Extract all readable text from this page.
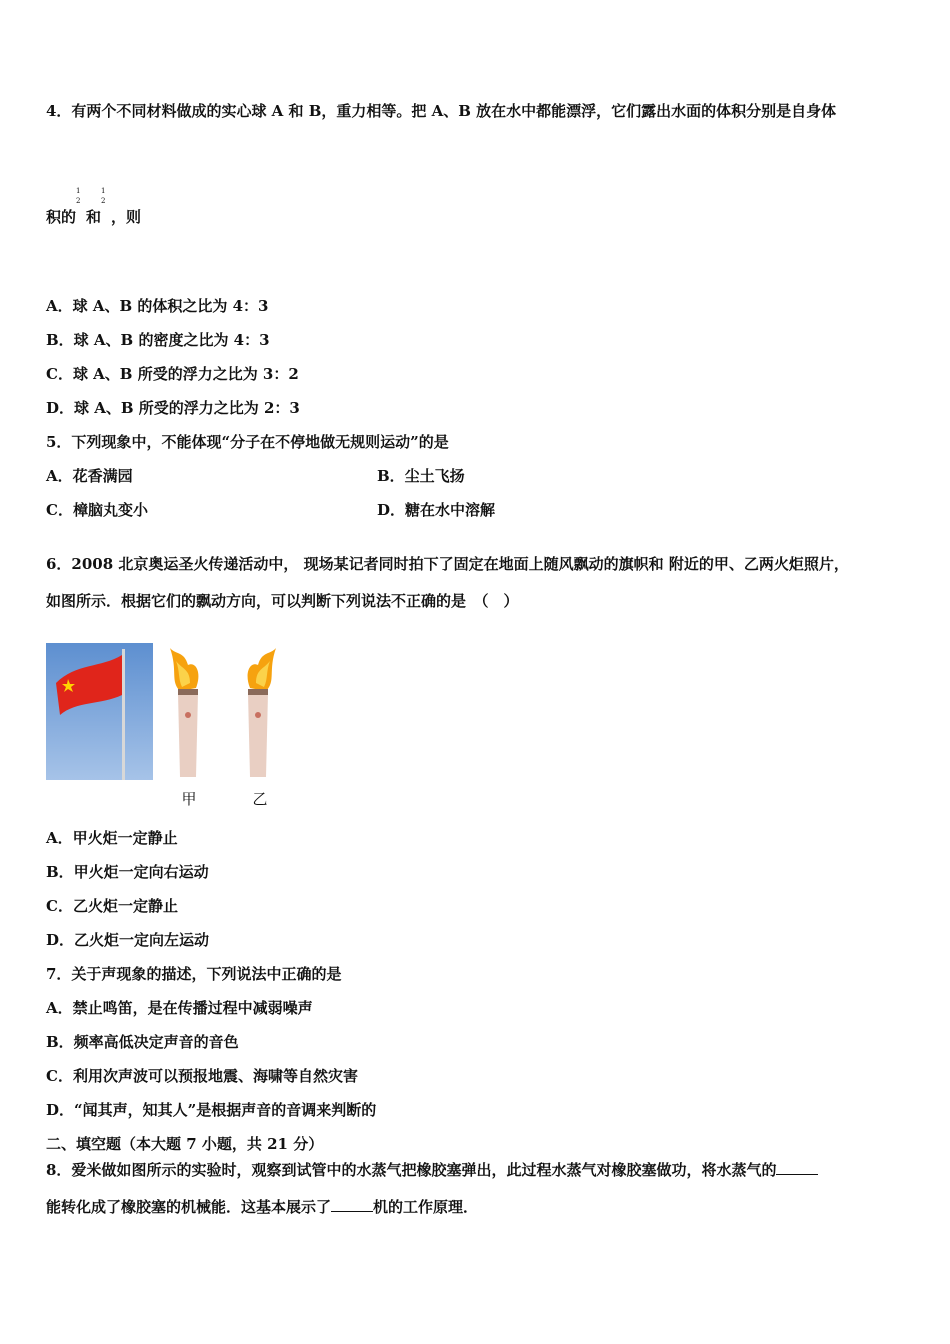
4．有两个不同材料做成的实心球 A 和 B，重力相等。把 A、B 放在水中都能漂浮，它们露出水面的体积分别是自身体
积的
1
2
和
1
2
，则
A．球 A、B 的体积之比为 4：3
B．球 A、B 的密度之比为 4：3
C．球 A、B 所受的浮力之比为 3：2
D．球 A、B 所受的浮力之比为 2：3
5．下列现象中，不能体现“分子在不停地做无规则运动”的是
A．花香满园	B．尘土飞扬
C．樟脑丸变小	D．糖在水中溶解
6．2008 北京奥运圣火传递活动中， 现场某记者同时拍下了固定在地面上随风飘动的旗帜和 附近的甲、乙两火炬照片，
如图所示．根据它们的飘动方向，可以判断下列说法不正确的是　（　）
甲	乙
A．甲火炬一定静止
B．甲火炬一定向右运动
C．乙火炬一定静止
D．乙火炬一定向左运动
7．关于声现象的描述，下列说法中正确的是
A．禁止鸣笛，是在传播过程中减弱噪声
B．频率高低决定声音的音色
C．利用次声波可以预报地震、海啸等自然灾害
D．“闻其声，知其人”是根据声音的音调来判断的
二、填空题（本大题 7 小题，共 21 分）
8．爱米做如图所示的实验时，观察到试管中的水蒸气把橡胶塞弹出，此过程水蒸气对橡胶塞做功，将水蒸气的
能转化成了橡胶塞的机械能．这基本展示了	机的工作原理．
